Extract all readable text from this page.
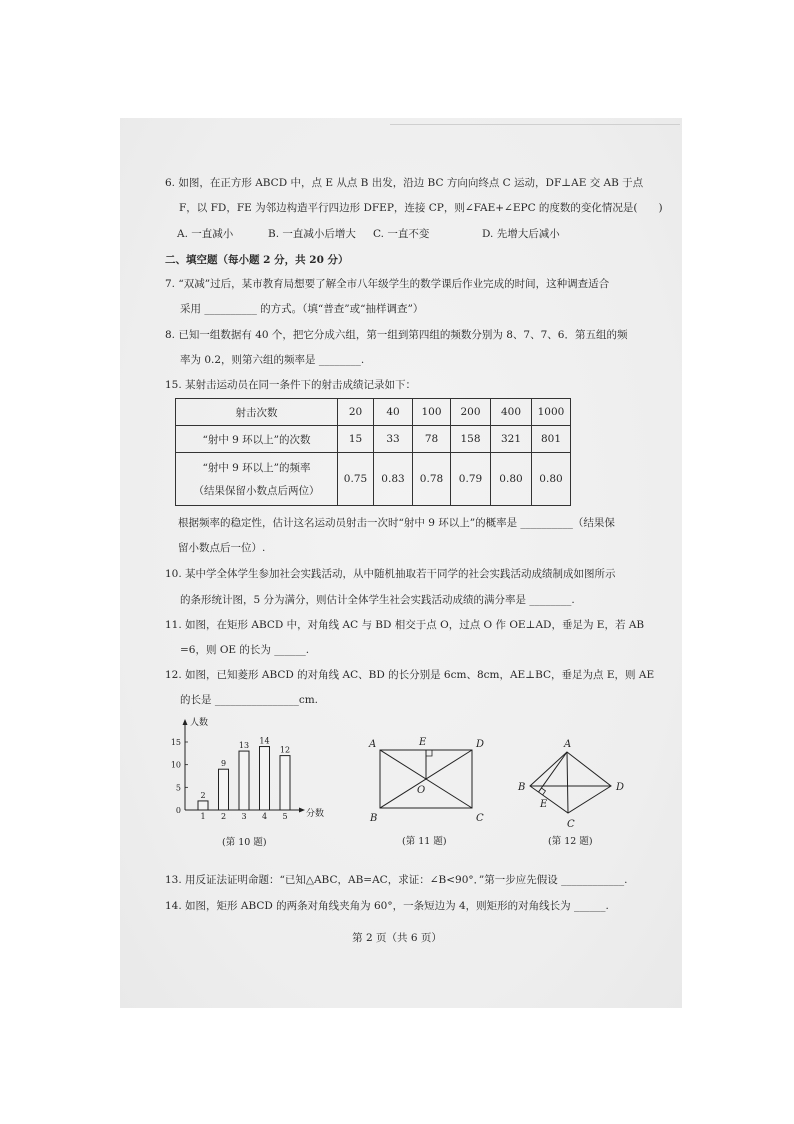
6. 如图，在正方形 ABCD 中，点 E 从点 B 出发，沿边 BC 方向向终点 C 运动，DF⊥AE 交 AB 于点
F，以 FD，FE 为邻边构造平行四边形 DFEP，连接 CP，则∠FAE+∠EPC 的度数的变化情况是(　　)
A. 一直减小	B. 一直减小后增大 C. 一直不变	D. 先增大后减小
二、填空题（每小题 2 分，共 20 分）
7. “双减”过后，某市教育局想要了解全市八年级学生的数学课后作业完成的时间，这种调查适合
采用 __________ 的方式。（填“普查”或“抽样调查”）
8. 已知一组数据有 40 个，把它分成六组，第一组到第四组的频数分别为 8、7、7、6．第五组的频
率为 0.2，则第六组的频率是 ________.
15. 某射击运动员在同一条件下的射击成绩记录如下：
射击次数	20	40	100	200	400	1000
“射中 9 环以上”的次数	15	33	78	158	321	801
“射中 9 环以上”的频率
（结果保留小数点后两位）	0.75	0.83	0.78	0.79	0.80	0.80
根据频率的稳定性，估计这名运动员射击一次时“射中 9 环以上”的概率是 __________（结果保
留小数点后一位）.
10. 某中学全体学生参加社会实践活动，从中随机抽取若干同学的社会实践活动成绩制成如图所示
的条形统计图，5 分为满分，则估计全体学生社会实践活动成绩的满分率是 ________.
11. 如图，在矩形 ABCD 中，对角线 AC 与 BD 相交于点 O，过点 O 作 OE⊥AD，垂足为 E，若 AB
=6，则 OE 的长为 ______.
12. 如图，已知菱形 ABCD 的对角线 AC、BD 的长分别是 6cm、8cm，AE⊥BC，垂足为点 E，则 AE
的长是 ________________cm.
人数
分数
2
1
9
2
13
3
14
4
12
5
0
5
10
15
(第 10 题)
A	E	D
O
B	C
(第 11 题)
A
B
E
D
C
(第 12 题)
13. 用反证法证明命题：“已知△ABC，AB=AC，求证：∠B<90°．”第一步应先假设 ____________.
14. 如图，矩形 ABCD 的两条对角线夹角为 60°，一条短边为 4，则矩形的对角线长为 ______.
第 2 页（共 6 页）
